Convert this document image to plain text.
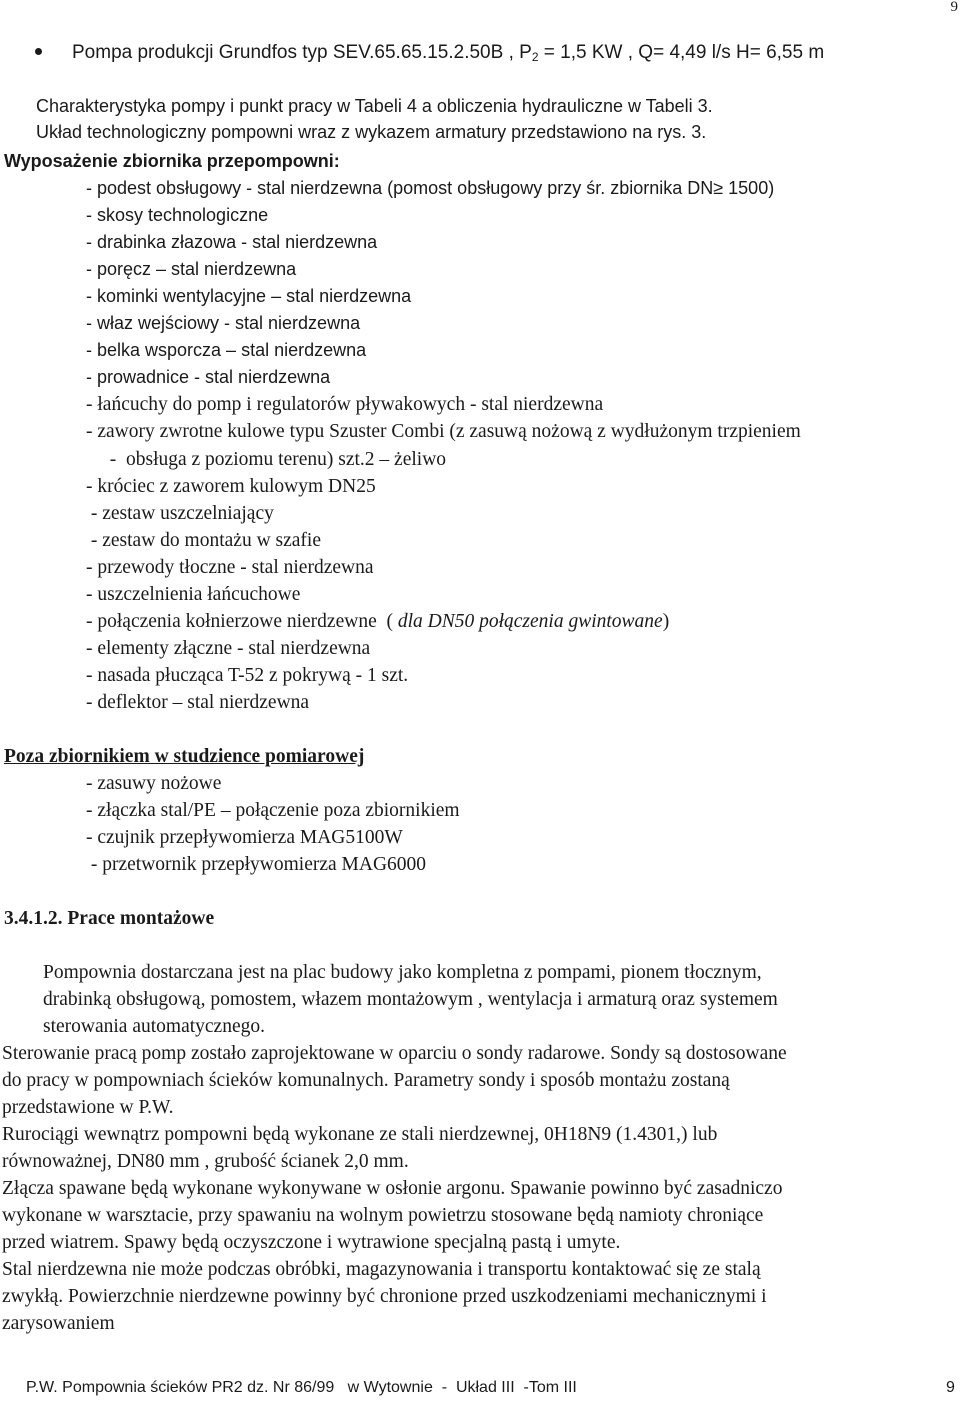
9
Pompa produkcji Grundfos typ SEV.65.65.15.2.50B , $P_2 = 1,5$ KW , Q= 4,49 l/s H= 6,55 m
Charakterystyka pompy i punkt pracy w Tabeli 4 a obliczenia hydrauliczne w Tabeli 3.
Układ technologiczny pompowni wraz z wykazem armatury przedstawiono na rys. 3.
Wyposażenie zbiornika przepompowni:
- podest obsługowy - stal nierdzewna (pomost obsługowy przy śr. zbiornika DN≥ 1500)
- skosy technologiczne
- drabinka złazowa - stal nierdzewna
- poręcz – stal nierdzewna
- kominki wentylacyjne – stal nierdzewna
- właz wejściowy - stal nierdzewna
- belka wsporcza – stal nierdzewna
- prowadnice - stal nierdzewna
- łańcuchy do pomp i regulatorów pływakowych - stal nierdzewna
- zawory zwrotne kulowe typu Szuster Combi (z zasuwą nożową z wydłużonym trzpieniem
-  obsługa z poziomu terenu) szt.2 – żeliwo
- króciec z zaworem kulowym DN25
- zestaw uszczelniający
- zestaw do montażu w szafie
- przewody tłoczne - stal nierdzewna
- uszczelnienia łańcuchowe
- połączenia kołnierzowe nierdzewne  ( dla DN50 połączenia gwintowane)
- elementy złączne - stal nierdzewna
- nasada płucząca T-52 z pokrywą - 1 szt.
- deflektor – stal nierdzewna
Poza zbiornikiem w studzience pomiarowej
- zasuwy nożowe
- złączka stal/PE – połączenie poza zbiornikiem
- czujnik przepływomierza MAG5100W
- przetwornik przepływomierza MAG6000
3.4.1.2. Prace montażowe
Pompownia dostarczana jest na plac budowy jako kompletna z pompami, pionem tłocznym,
drabinką obsługową, pomostem, włazem montażowym , wentylacja i armaturą oraz systemem
sterowania automatycznego.
Sterowanie pracą pomp zostało zaprojektowane w oparciu o sondy radarowe. Sondy są dostosowane
do pracy w pompowniach ścieków komunalnych. Parametry sondy i sposób montażu zostaną
przedstawione w P.W.
Rurociągi wewnątrz pompowni będą wykonane ze stali nierdzewnej, 0H18N9 (1.4301,) lub
równoważnej, DN80 mm , grubość ścianek 2,0 mm.
Złącza spawane będą wykonane wykonywane w osłonie argonu. Spawanie powinno być zasadniczo
wykonane w warsztacie, przy spawaniu na wolnym powietrzu stosowane będą namioty chroniące
przed wiatrem. Spawy będą oczyszczone i wytrawione specjalną pastą i umyte.
Stal nierdzewna nie może podczas obróbki, magazynowania i transportu kontaktować się ze stalą
zwykłą. Powierzchnie nierdzewne powinny być chronione przed uszkodzeniami mechanicznymi i
zarysowaniem
P.W. Pompownia ścieków PR2 dz. Nr 86/99   w Wytownie  -  Układ III  -Tom III	9
